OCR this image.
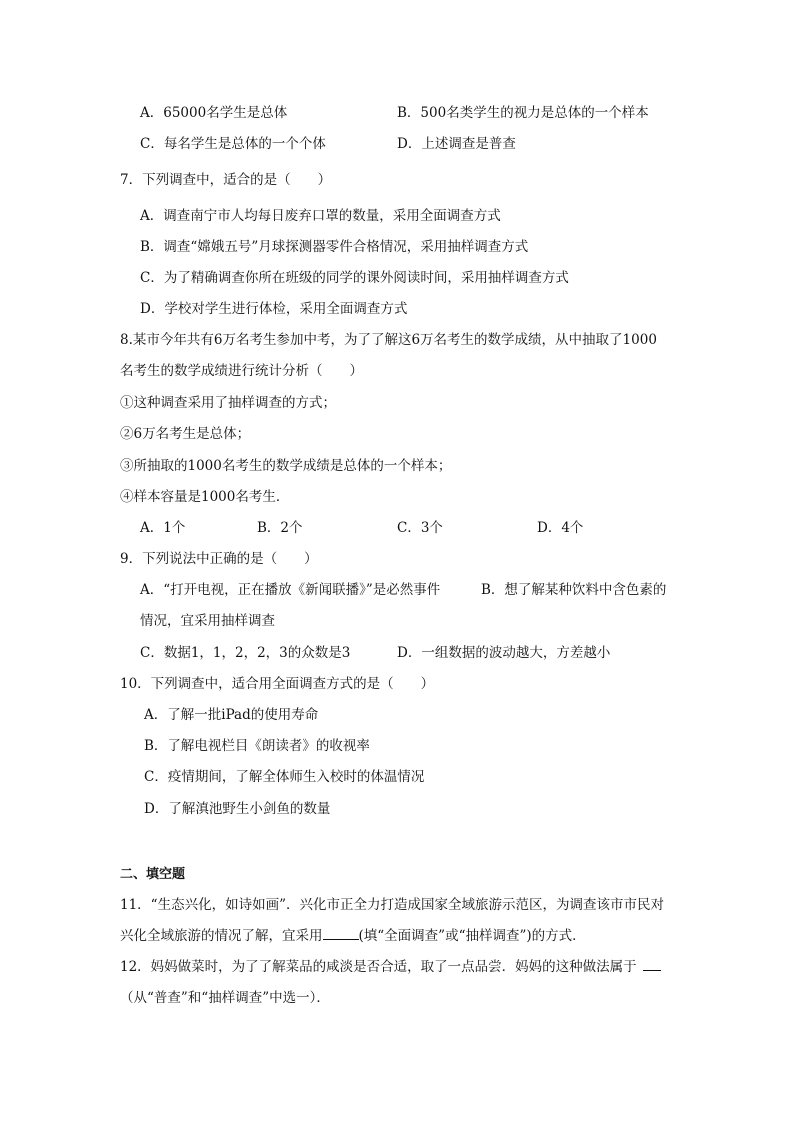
A．65000名学生是总体	B．500名类学生的视力是总体的一个样本
C．每名学生是总体的一个个体	D．上述调查是普查
7．下列调查中，适合的是（　　）
A．调查南宁市人均每日废弃口罩的数量，采用全面调查方式
B．调查“嫦娥五号”月球探测器零件合格情况，采用抽样调查方式
C．为了精确调查你所在班级的同学的课外阅读时间，采用抽样调查方式
D．学校对学生进行体检，采用全面调查方式
8.某市今年共有6万名考生参加中考，为了了解这6万名考生的数学成绩，从中抽取了1000
名考生的数学成绩进行统计分析（　　）
①这种调查采用了抽样调查的方式；
②6万名考生是总体；
③所抽取的1000名考生的数学成绩是总体的一个样本；
④样本容量是1000名考生．
A．1个	B．2个	C．3个	D．4个
9．下列说法中正确的是（　　）
A．“打开电视，正在播放《新闻联播》”是必然事件	B．想了解某种饮料中含色素的
情况，宜采用抽样调查
C．数据1，1，2，2，3的众数是3	D．一组数据的波动越大，方差越小
10．下列调查中，适合用全面调查方式的是（　　）
A．了解一批iPad的使用寿命
B．了解电视栏目《朗读者》的收视率
C．疫情期间，了解全体师生入校时的体温情况
D．了解滇池野生小剑鱼的数量
二、填空题
11．“生态兴化，如诗如画”．兴化市正全力打造成国家全域旅游示范区，为调查该市市民对
兴化全域旅游的情况了解，宜采用	(填“全面调查”或“抽样调查”)的方式．
12．妈妈做菜时，为了了解菜品的咸淡是否合适，取了一点品尝．妈妈的这种做法属于
（从“普查”和“抽样调查”中选一）．
